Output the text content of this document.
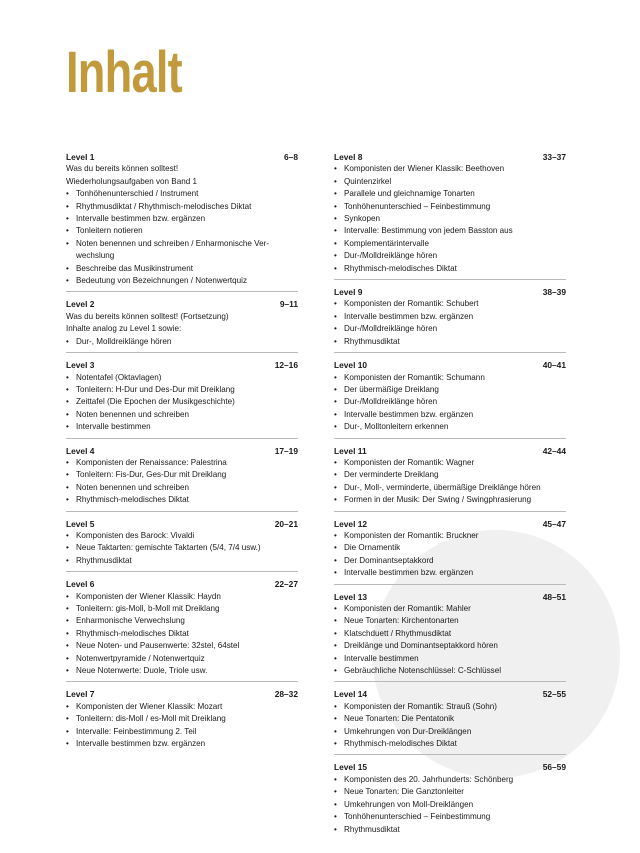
Inhalt
Level 1	6–8
Was du bereits können solltest!
Wiederholungsaufgaben von Band 1
• Tonhöhenunterschied / Instrument
• Rhythmusdiktat / Rhythmisch-melodisches Diktat
• Intervalle bestimmen bzw. ergänzen
• Tonleitern notieren
• Noten benennen und schreiben / Enharmonische Ver-
wechslung
• Beschreibe das Musikinstrument
• Bedeutung von Bezeichnungen / Notenwertquiz
Level 2	9–11
Was du bereits können solltest! (Fortsetzung)
Inhalte analog zu Level 1 sowie:
• Dur-, Molldreiklänge hören
Level 3	12–16
• Notentafel (Oktavlagen)
• Tonleitern: H-Dur und Des-Dur mit Dreiklang
• Zeittafel (Die Epochen der Musikgeschichte)
• Noten benennen und schreiben
• Intervalle bestimmen
Level 4	17–19
• Komponisten der Renaissance: Palestrina
• Tonleitern: Fis-Dur, Ges-Dur mit Dreiklang
• Noten benennen und schreiben
• Rhythmisch-melodisches Diktat
Level 5	20–21
• Komponisten des Barock: Vivaldi
• Neue Taktarten: gemischte Taktarten (5/4, 7/4 usw.)
• Rhythmusdiktat
Level 6	22–27
• Komponisten der Wiener Klassik: Haydn
• Tonleitern: gis-Moll, b-Moll mit Dreiklang
• Enharmonische Verwechslung
• Rhythmisch-melodisches Diktat
• Neue Noten- und Pausenwerte: 32stel, 64stel
• Notenwertpyramide / Notenwertquiz
• Neue Notenwerte: Duole, Triole usw.
Level 7	28–32
• Komponisten der Wiener Klassik: Mozart
• Tonleitern: dis-Moll / es-Moll mit Dreiklang
• Intervalle: Feinbestimmung 2. Teil
• Intervalle bestimmen bzw. ergänzen
Level 8	33–37
• Komponisten der Wiener Klassik: Beethoven
• Quintenzirkel
• Parallele und gleichnamige Tonarten
• Tonhöhenunterschied – Feinbestimmung
• Synkopen
• Intervalle: Bestimmung von jedem Basston aus
• Komplementärintervalle
• Dur-/Molldreiklänge hören
• Rhythmisch-melodisches Diktat
Level 9	38–39
• Komponisten der Romantik: Schubert
• Intervalle bestimmen bzw. ergänzen
• Dur-/Molldreiklänge hören
• Rhythmusdiktat
Level 10	40–41
• Komponisten der Romantik: Schumann
• Der übermäßige Dreiklang
• Dur-/Molldreiklänge hören
• Intervalle bestimmen bzw. ergänzen
• Dur-, Molltonleitern erkennen
Level 11	42–44
• Komponisten der Romantik: Wagner
• Der verminderte Dreiklang
• Dur-, Moll-, verminderte, übermäßige Dreiklänge hören
• Formen in der Musik: Der Swing / Swingphrasierung
Level 12	45–47
• Komponisten der Romantik: Bruckner
• Die Ornamentik
• Der Dominantseptakkord
• Intervalle bestimmen bzw. ergänzen
Level 13	48–51
• Komponisten der Romantik: Mahler
• Neue Tonarten: Kirchentonarten
• Klatschduett / Rhythmusdiktat
• Dreiklänge und Dominantseptakkord hören
• Intervalle bestimmen
• Gebräuchliche Notenschlüssel: C-Schlüssel
Level 14	52–55
• Komponisten der Romantik: Strauß (Sohn)
• Neue Tonarten: Die Pentatonik
• Umkehrungen von Dur-Dreiklängen
• Rhythmisch-melodisches Diktat
Level 15	56–59
• Komponisten des 20. Jahrhunderts: Schönberg
• Neue Tonarten: Die Ganztonleiter
• Umkehrungen von Moll-Dreiklängen
• Tonhöhenunterschied – Feinbestimmung
• Rhythmusdiktat
